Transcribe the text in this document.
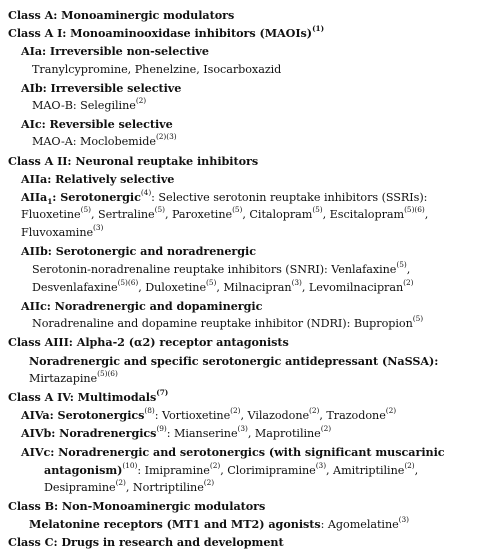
Class A: Monoaminergic modulators
Class A I: Monoaminooxidase inhibitors (MAOIs)$^{(1)}$
AIa: Irreversible non-selective
Tranylcypromine, Phenelzine, Isocarboxazid
AIb: Irreversible selective
MAO-B: Selegiline$^{(2)}$
AIc: Reversible selective
MAO-A: Moclobemide$^{(2)(3)}$
Class A II: Neuronal reuptake inhibitors
AIIa: Relatively selective
AIIa$_1$: Serotonergic$^{(4)}$: Selective serotonin reuptake inhibitors (SSRIs):
Fluoxetine$^{(5)}$, Sertraline$^{(5)}$, Paroxetine$^{(5)}$, Citalopram$^{(5)}$, Escitalopram$^{(5)(6)}$,
Fluvoxamine$^{(3)}$
AIIb: Serotonergic and noradrenergic
Serotonin-noradrenaline reuptake inhibitors (SNRI): Venlafaxine$^{(5)}$,
Desvenlafaxine$^{(5)(6)}$, Duloxetine$^{(5)}$, Milnacipran$^{(3)}$, Levomilnacipran$^{(2)}$
AIIc: Noradrenergic and dopaminergic
Noradrenaline and dopamine reuptake inhibitor (NDRI): Bupropion$^{(5)}$
Class AIII: Alpha-2 (α2) receptor antagonists
Noradrenergic and specific serotonergic antidepressant (NaSSA):
Mirtazapine$^{(5)(6)}$
Class A IV: Multimodals$^{(7)}$
AIVa: Serotonergics$^{(8)}$: Vortioxetine$^{(2)}$, Vilazodone$^{(2)}$, Trazodone$^{(2)}$
AIVb: Noradrenergics$^{(9)}$: Mianserine$^{(3)}$, Maprotiline$^{(2)}$
AIVc: Noradrenergic and serotonergics (with significant muscarinic
antagonism)$^{(10)}$: Imipramine$^{(2)}$, Clorimipramine$^{(3)}$, Amitriptiline$^{(2)}$,
Desipramine$^{(2)}$, Nortriptiline$^{(2)}$
Class B: Non-Monoaminergic modulators
Melatonine receptors (MT1 and MT2) agonists: Agomelatine$^{(3)}$
Class C: Drugs in research and development
